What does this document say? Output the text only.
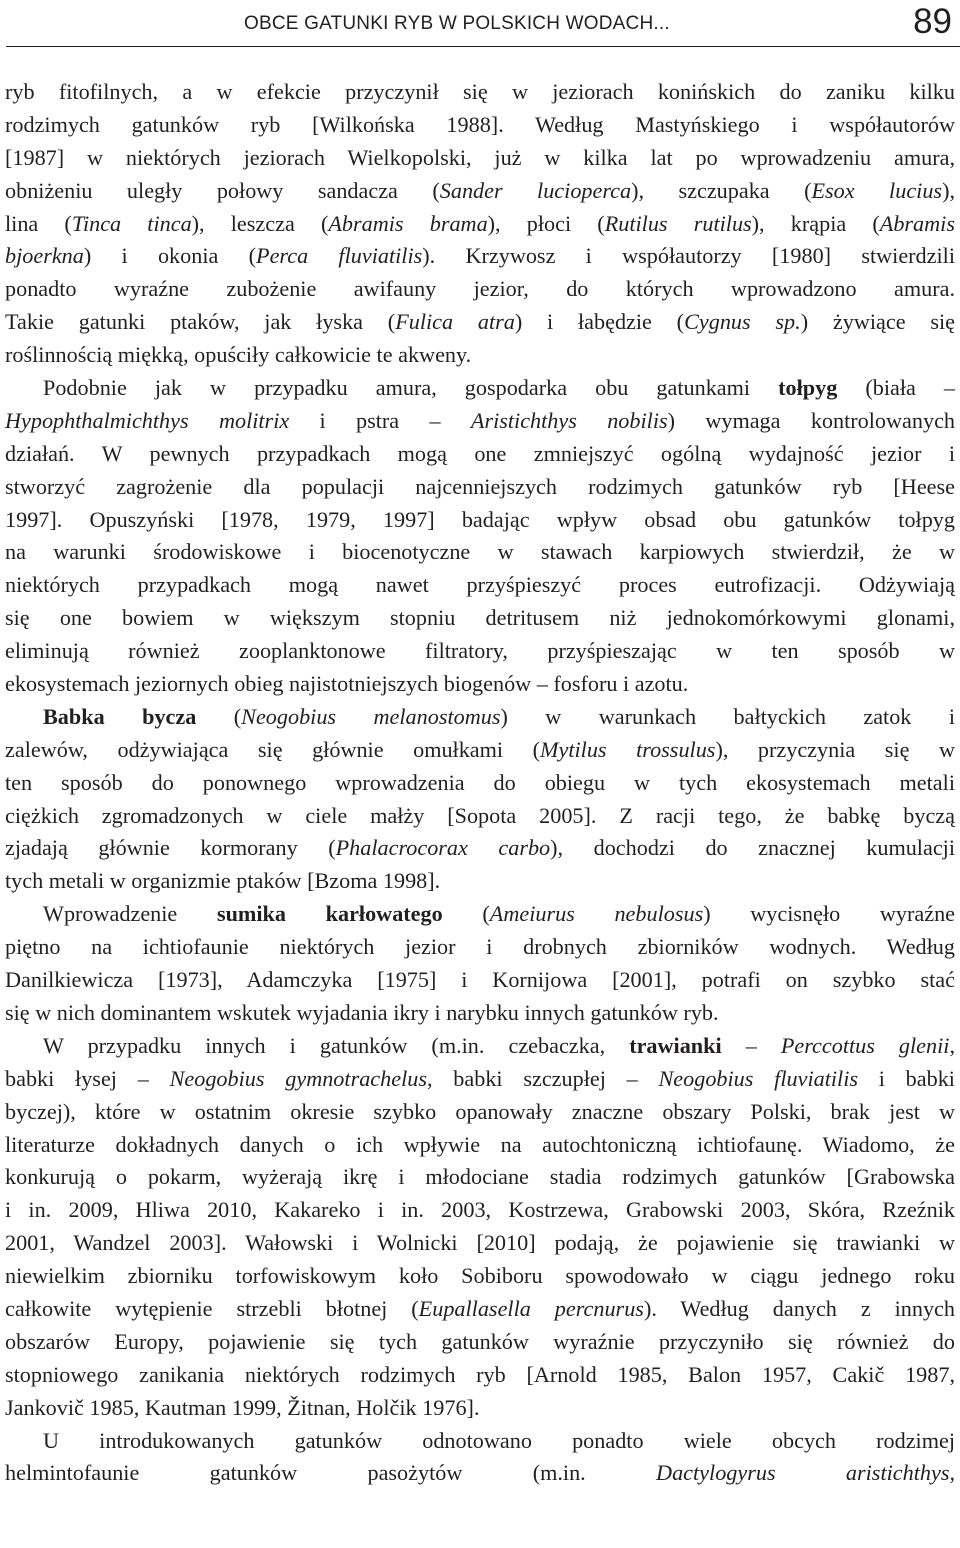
OBCE GATUNKI RYB W POLSKICH WODACH...	89
ryb fitofilnych, a w efekcie przyczynił się w jeziorach konińskich do zaniku kilku
rodzimych gatunków ryb [Wilkońska 1988]. Według Mastyńskiego i współautorów
[1987] w niektórych jeziorach Wielkopolski, już w kilka lat po wprowadzeniu amura,
obniżeniu uległy połowy sandacza (Sander lucioperca), szczupaka (Esox lucius),
lina (Tinca tinca), leszcza (Abramis brama), płoci (Rutilus rutilus), krąpia (Abramis
bjoerkna) i okonia (Perca fluviatilis). Krzywosz i współautorzy [1980] stwierdzili
ponadto wyraźne zubożenie awifauny jezior, do których wprowadzono amura.
Takie gatunki ptaków, jak łyska (Fulica atra) i łabędzie (Cygnus sp.) żywiące się
roślinnością miękką, opuściły całkowicie te akweny.
Podobnie jak w przypadku amura, gospodarka obu gatunkami tołpyg (biała –
Hypophthalmichthys molitrix i pstra – Aristichthys nobilis) wymaga kontrolowanych
działań. W pewnych przypadkach mogą one zmniejszyć ogólną wydajność jezior i
stworzyć zagrożenie dla populacji najcenniejszych rodzimych gatunków ryb [Heese
1997]. Opuszyński [1978, 1979, 1997] badając wpływ obsad obu gatunków tołpyg
na warunki środowiskowe i biocenotyczne w stawach karpiowych stwierdził, że w
niektórych przypadkach mogą nawet przyśpieszyć proces eutrofizacji. Odżywiają
się one bowiem w większym stopniu detritusem niż jednokomórkowymi glonami,
eliminują również zooplanktonowe filtratory, przyśpieszając w ten sposób w
ekosystemach jeziornych obieg najistotniejszych biogenów – fosforu i azotu.
Babka bycza (Neogobius melanostomus) w warunkach bałtyckich zatok i
zalewów, odżywiająca się głównie omułkami (Mytilus trossulus), przyczynia się w
ten sposób do ponownego wprowadzenia do obiegu w tych ekosystemach metali
ciężkich zgromadzonych w ciele małży [Sopota 2005]. Z racji tego, że babkę byczą
zjadają głównie kormorany (Phalacrocorax carbo), dochodzi do znacznej kumulacji
tych metali w organizmie ptaków [Bzoma 1998].
Wprowadzenie sumika karłowatego (Ameiurus nebulosus) wycisnęło wyraźne
piętno na ichtiofaunie niektórych jezior i drobnych zbiorników wodnych. Według
Danilkiewicza [1973], Adamczyka [1975] i Kornijowa [2001], potrafi on szybko stać
się w nich dominantem wskutek wyjadania ikry i narybku innych gatunków ryb.
W przypadku innych i gatunków (m.in. czebaczka, trawianki – Perccottus glenii,
babki łysej – Neogobius gymnotrachelus, babki szczupłej – Neogobius fluviatilis i babki
byczej), które w ostatnim okresie szybko opanowały znaczne obszary Polski, brak jest w
literaturze dokładnych danych o ich wpływie na autochtoniczną ichtiofaunę. Wiadomo, że
konkurują o pokarm, wyżerają ikrę i młodociane stadia rodzimych gatunków [Grabowska
i in. 2009, Hliwa 2010, Kakareko i in. 2003, Kostrzewa, Grabowski 2003, Skóra, Rzeźnik
2001, Wandzel 2003]. Wałowski i Wolnicki [2010] podają, że pojawienie się trawianki w
niewielkim zbiorniku torfowiskowym koło Sobiboru spowodowało w ciągu jednego roku
całkowite wytępienie strzebli błotnej (Eupallasella percnurus). Według danych z innych
obszarów Europy, pojawienie się tych gatunków wyraźnie przyczyniło się również do
stopniowego zanikania niektórych rodzimych ryb [Arnold 1985, Balon 1957, Cakič 1987,
Jankovič 1985, Kautman 1999, Žitnan, Holčik 1976].
U introdukowanych gatunków odnotowano ponadto wiele obcych rodzimej
helmintofaunie gatunków pasożytów (m.in. Dactylogyrus aristichthys,
